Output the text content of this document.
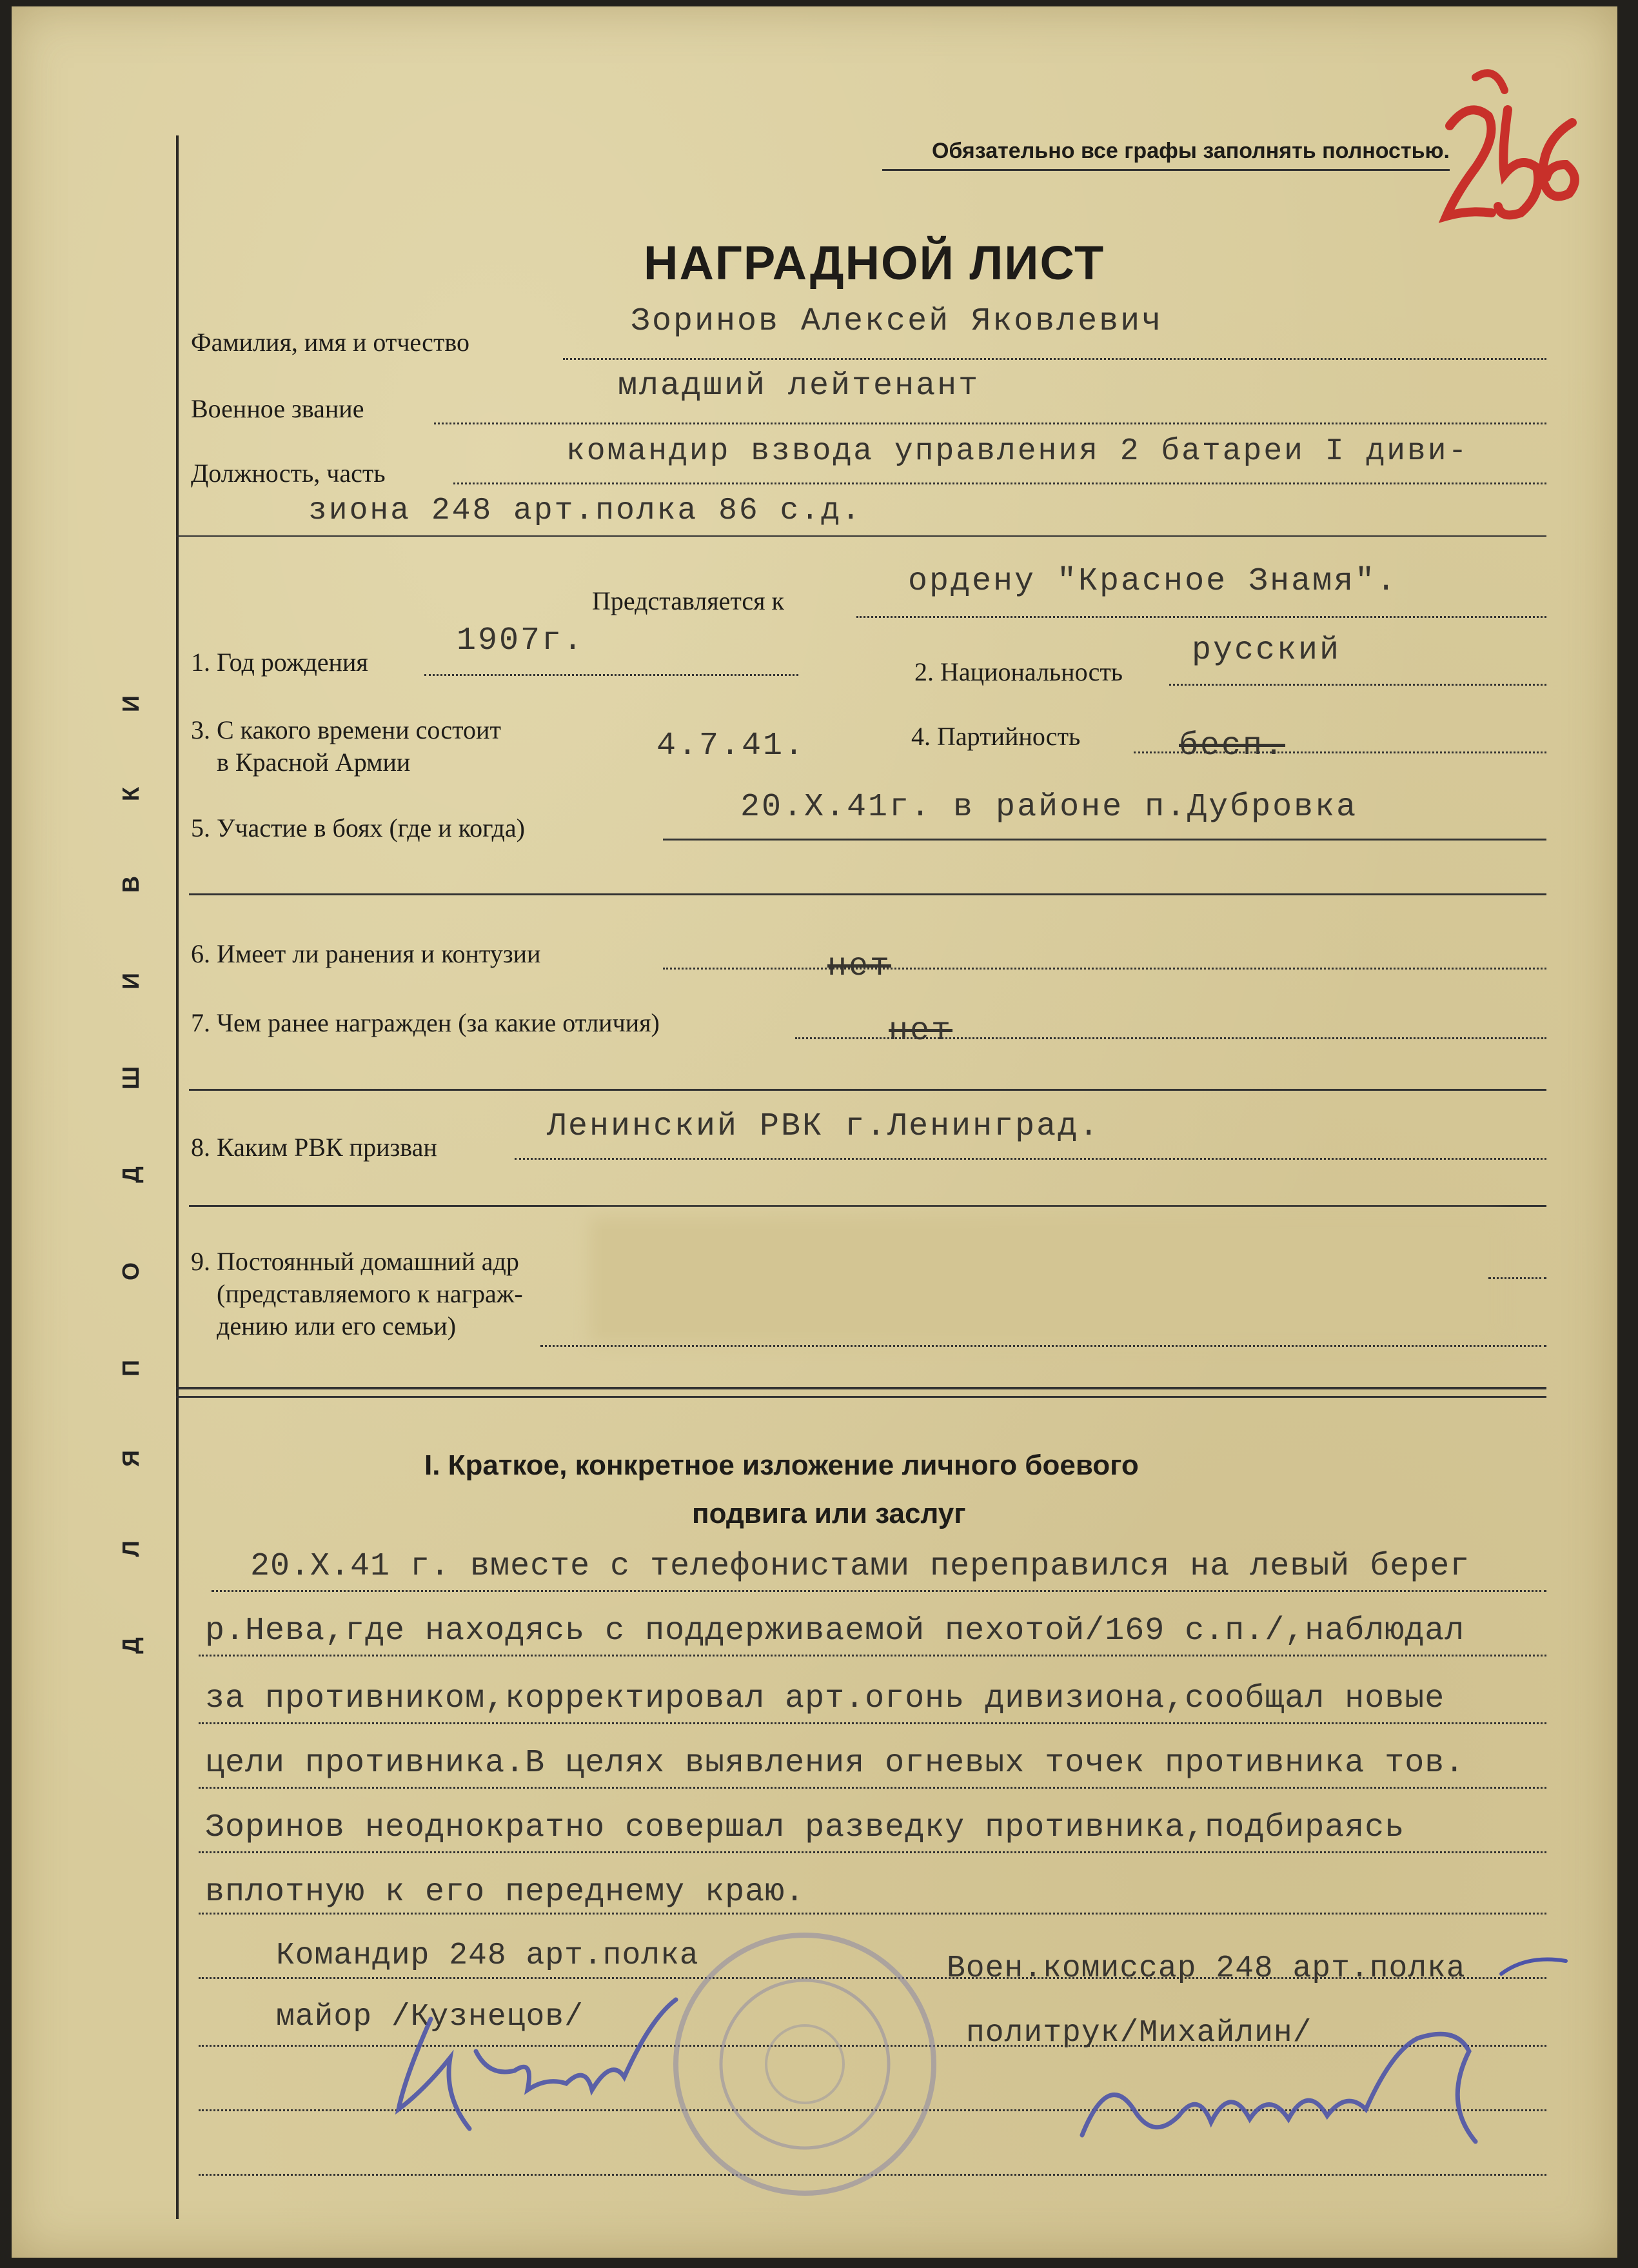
Д
Л
Я
П
О
Д
Ш
И
В
К
И
Обязательно все графы заполнять полностью.
НАГРАДНОЙ ЛИСТ
Фамилия, имя и отчество
Зоринов Алексей Яковлевич
Военное звание
младший лейтенант
Должность, часть
командир взвода управления 2 батареи I диви-
зиона 248 арт.полка 86 с.д.
Представляется к
ордену "Красное Знамя".
1. Год рождения
1907г.
2. Национальность
русский
3. С какого времени состоит
в Красной Армии	4.7.41.	4. Партийность	бесп.
5. Участие в боях (где и когда)
20.X.41г. в районе п.Дубровка
6. Имеет ли ранения и контузии	нет
7. Чем ранее награжден (за какие отличия)	нет
8. Каким РВК призван
Ленинский РВК г.Ленинград.
9. Постоянный домашний адр
(представляемого к награж-
дению или его семьи)
I. Краткое, конкретное изложение личного боевого
подвига или заслуг
20.Х.41 г. вместе с телефонистами переправился на левый берег
р.Нева,где находясь с поддерживаемой пехотой/169 с.п./,наблюдал
за противником,корректировал арт.огонь дивизиона,сообщал новые
цели противника.В целях выявления огневых точек противника тов.
Зоринов неоднократно совершал разведку противника,подбираясь
вплотную к его переднему краю.
Командир 248 арт.полка
майор /Кузнецов/
Воен.комиссар 248 арт.полка
политрук/Михайлин/
